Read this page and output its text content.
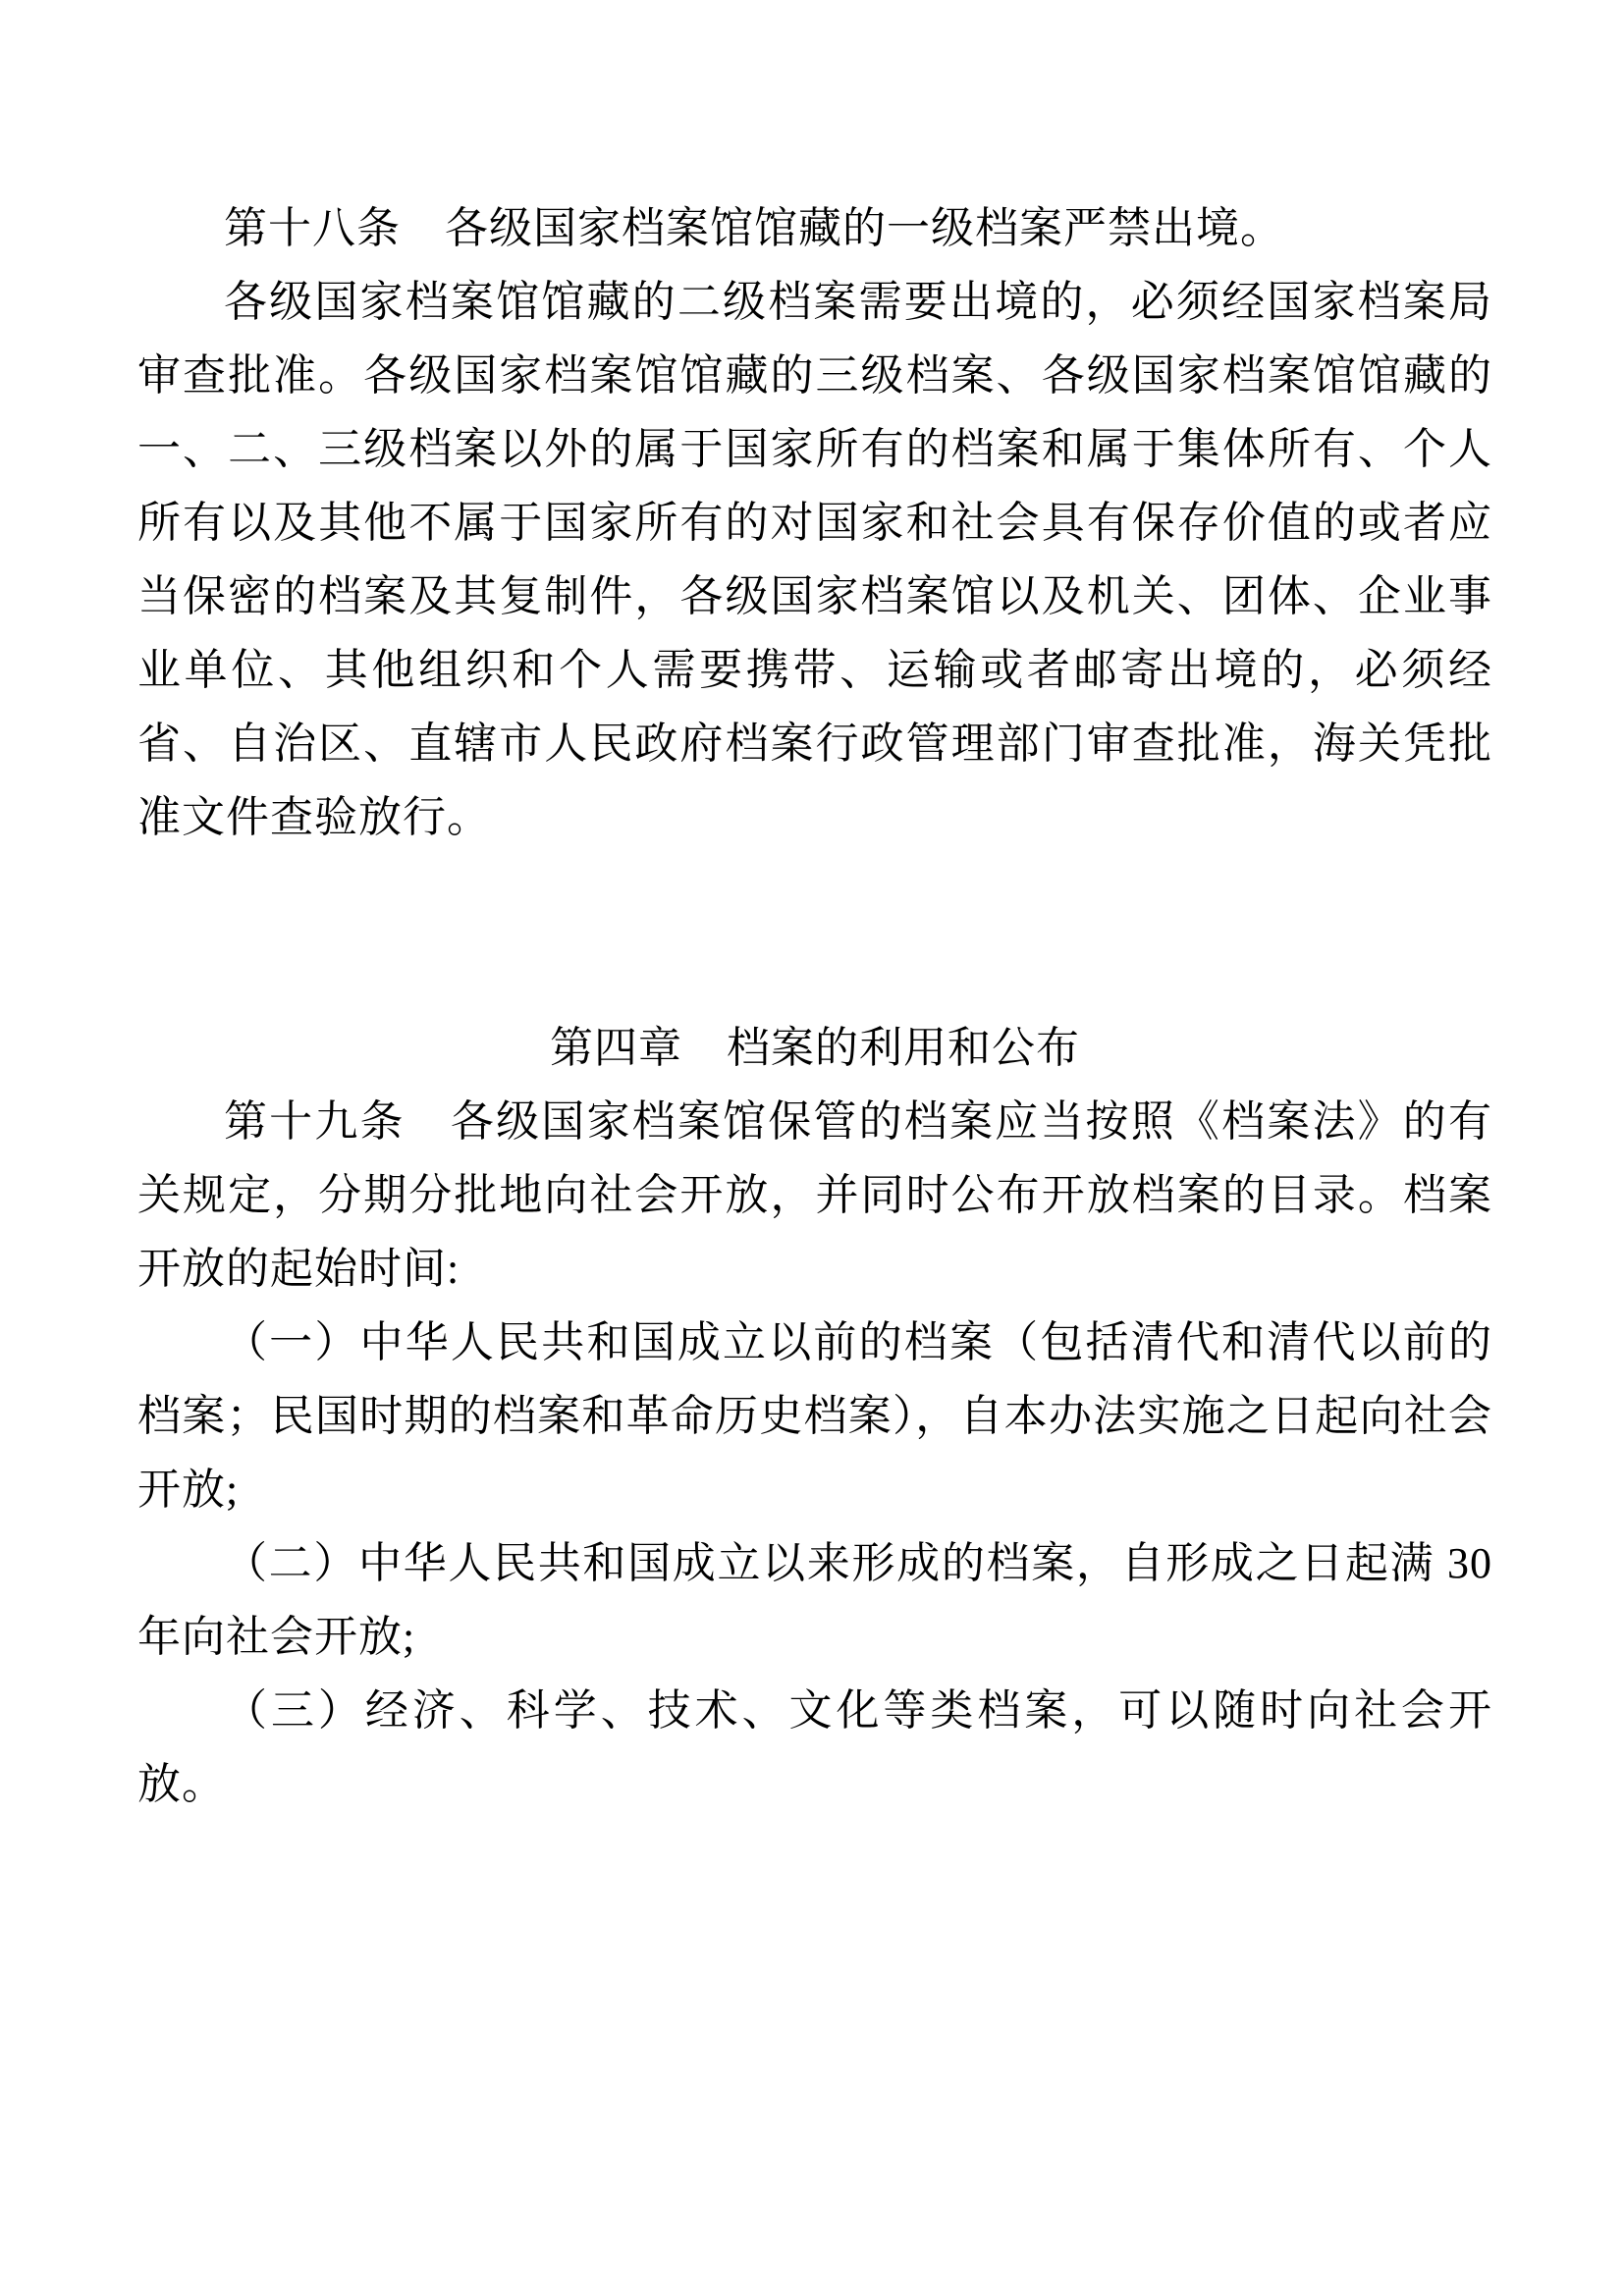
第十八条　各级国家档案馆馆藏的一级档案严禁出境。

各级国家档案馆馆藏的二级档案需要出境的，必须经国家档案局审查批准。各级国家档案馆馆藏的三级档案、各级国家档案馆馆藏的一、二、三级档案以外的属于国家所有的档案和属于集体所有、个人所有以及其他不属于国家所有的对国家和社会具有保存价值的或者应当保密的档案及其复制件，各级国家档案馆以及机关、团体、企业事业单位、其他组织和个人需要携带、运输或者邮寄出境的，必须经省、自治区、直辖市人民政府档案行政管理部门审查批准，海关凭批准文件查验放行。

第四章　档案的利用和公布

第十九条　各级国家档案馆保管的档案应当按照《档案法》的有关规定，分期分批地向社会开放，并同时公布开放档案的目录。档案开放的起始时间:

（一）中华人民共和国成立以前的档案（包括清代和清代以前的档案；民国时期的档案和革命历史档案），自本办法实施之日起向社会开放;

（二）中华人民共和国成立以来形成的档案，自形成之日起满 30年向社会开放;

（三）经济、科学、技术、文化等类档案，可以随时向社会开放。
